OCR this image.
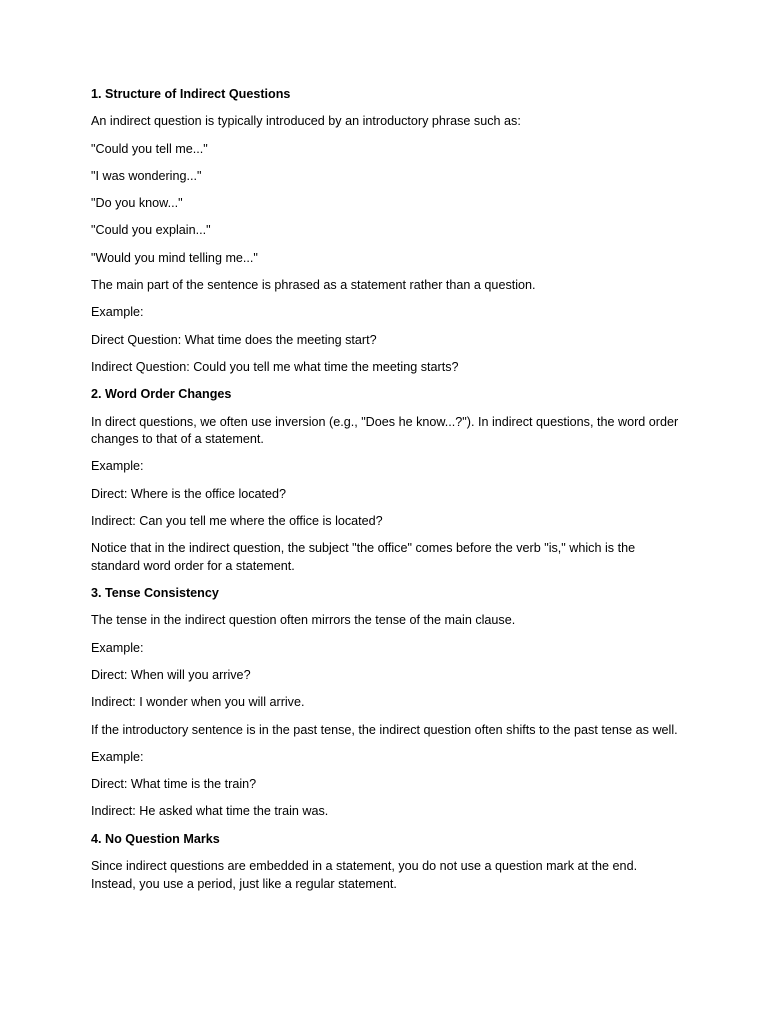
1. Structure of Indirect Questions

An indirect question is typically introduced by an introductory phrase such as:

"Could you tell me..."

"I was wondering..."

"Do you know..."

"Could you explain..."

"Would you mind telling me..."

The main part of the sentence is phrased as a statement rather than a question.

Example:

Direct Question: What time does the meeting start?

Indirect Question: Could you tell me what time the meeting starts?

2. Word Order Changes

In direct questions, we often use inversion (e.g., "Does he know...?"). In indirect questions, the word order changes to that of a statement.

Example:

Direct: Where is the office located?

Indirect: Can you tell me where the office is located?

Notice that in the indirect question, the subject "the office" comes before the verb "is," which is the standard word order for a statement.

3. Tense Consistency

The tense in the indirect question often mirrors the tense of the main clause.

Example:

Direct: When will you arrive?

Indirect: I wonder when you will arrive.

If the introductory sentence is in the past tense, the indirect question often shifts to the past tense as well.

Example:

Direct: What time is the train?

Indirect: He asked what time the train was.

4. No Question Marks

Since indirect questions are embedded in a statement, you do not use a question mark at the end. Instead, you use a period, just like a regular statement.
